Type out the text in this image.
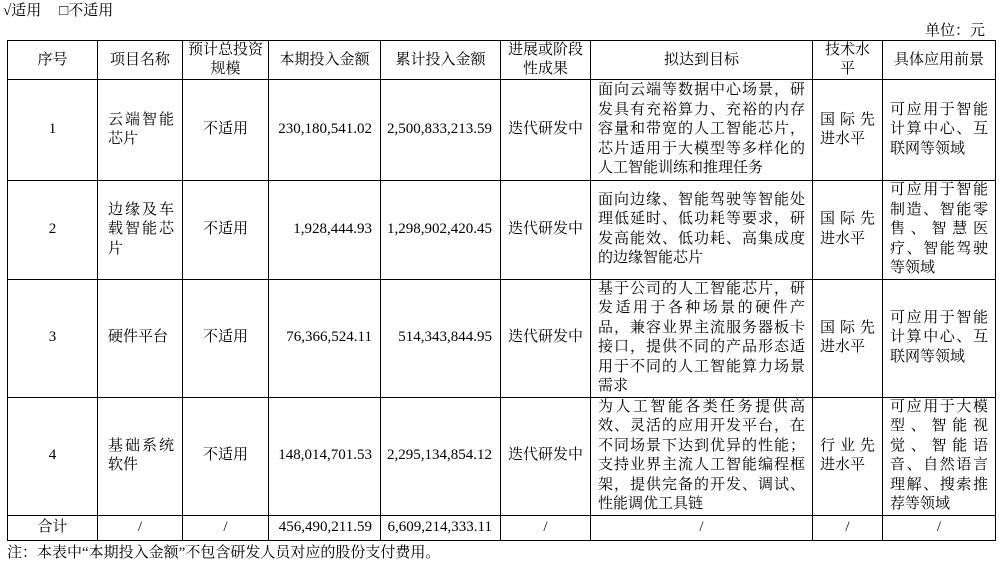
√适用 □不适用
单位：元
序号	项目名称	预计总投资规模	本期投入金额	累计投入金额	进展或阶段性成果	拟达到目标	技术水平	具体应用前景
1	云端智能芯片	不适用	230,180,541.02	2,500,833,213.59	迭代研发中	面向云端等数据中心场景，研发具有充裕算力、充裕的内存容量和带宽的人工智能芯片，芯片适用于大模型等多样化的人工智能训练和推理任务	国际先进水平	可应用于智能计算中心、互联网等领域
2	边缘及车载智能芯片	不适用	1,928,444.93	1,298,902,420.45	迭代研发中	面向边缘、智能驾驶等智能处理低延时、低功耗等要求，研发高能效、低功耗、高集成度的边缘智能芯片	国际先进水平	可应用于智能制造、智能零售、智慧医疗、智能驾驶等领域
3	硬件平台	不适用	76,366,524.11	514,343,844.95	迭代研发中	基于公司的人工智能芯片，研发适用于各种场景的硬件产品，兼容业界主流服务器板卡接口，提供不同的产品形态适用于不同的人工智能算力场景需求	国际先进水平	可应用于智能计算中心、互联网等领域
4	基础系统软件	不适用	148,014,701.53	2,295,134,854.12	迭代研发中	为人工智能各类任务提供高效、灵活的应用开发平台，在不同场景下达到优异的性能；支持业界主流人工智能编程框架，提供完备的开发、调试、性能调优工具链	行业先进水平	可应用于大模型、智能视觉、智能语音、自然语言理解、搜索推荐等领域
合计	/	/	456,490,211.59	6,609,214,333.11	/	/	/	/
注：本表中“本期投入金额”不包含研发人员对应的股份支付费用。
